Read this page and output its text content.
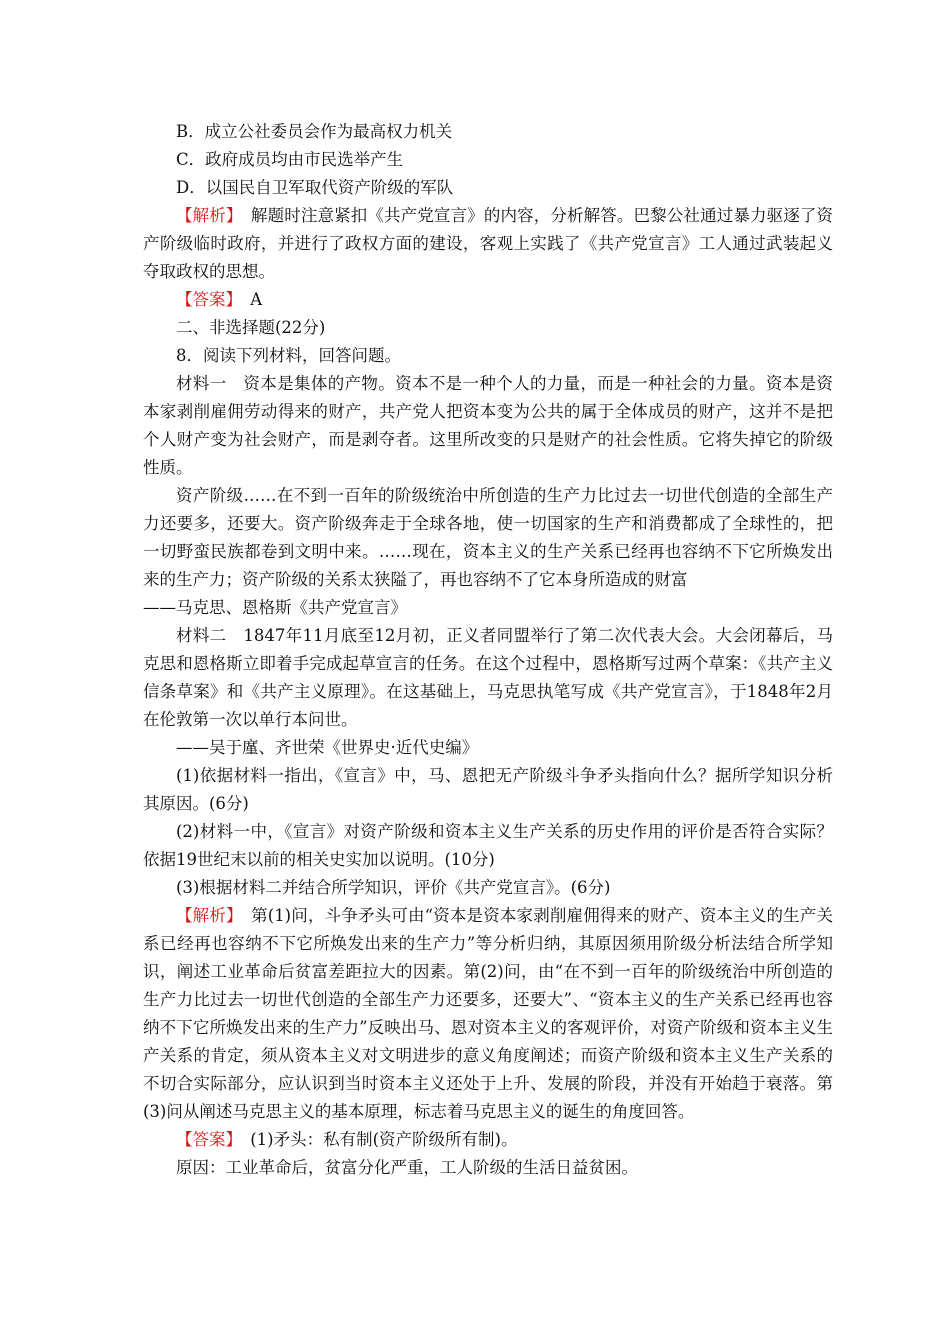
B．成立公社委员会作为最高权力机关

C．政府成员均由市民选举产生

D．以国民自卫军取代资产阶级的军队

【解析】　解题时注意紧扣《共产党宣言》的内容，分析解答。巴黎公社通过暴力驱逐了资产阶级临时政府，并进行了政权方面的建设，客观上实践了《共产党宣言》工人通过武装起义夺取政权的思想。

【答案】　A

二、非选择题(22分)

8．阅读下列材料，回答问题。

材料一　资本是集体的产物。资本不是一种个人的力量，而是一种社会的力量。资本是资本家剥削雇佣劳动得来的财产，共产党人把资本变为公共的属于全体成员的财产，这并不是把个人财产变为社会财产，而是剥夺者。这里所改变的只是财产的社会性质。它将失掉它的阶级性质。

资产阶级……在不到一百年的阶级统治中所创造的生产力比过去一切世代创造的全部生产力还要多，还要大。资产阶级奔走于全球各地，使一切国家的生产和消费都成了全球性的，把一切野蛮民族都卷到文明中来。……现在，资本主义的生产关系已经再也容纳不下它所焕发出来的生产力；资产阶级的关系太狭隘了，再也容纳不了它本身所造成的财富

——马克思、恩格斯《共产党宣言》

材料二　1847年11月底至12月初，正义者同盟举行了第二次代表大会。大会闭幕后，马克思和恩格斯立即着手完成起草宣言的任务。在这个过程中，恩格斯写过两个草案：《共产主义信条草案》和《共产主义原理》。在这基础上，马克思执笔写成《共产党宣言》，于1848年2月在伦敦第一次以单行本问世。

——吴于廑、齐世荣《世界史·近代史编》

(1)依据材料一指出，《宣言》中，马、恩把无产阶级斗争矛头指向什么？据所学知识分析其原因。(6分)

(2)材料一中，《宣言》对资产阶级和资本主义生产关系的历史作用的评价是否符合实际？依据19世纪末以前的相关史实加以说明。(10分)

(3)根据材料二并结合所学知识，评价《共产党宣言》。(6分)

【解析】　第(1)问，斗争矛头可由“资本是资本家剥削雇佣得来的财产、资本主义的生产关系已经再也容纳不下它所焕发出来的生产力”等分析归纳，其原因须用阶级分析法结合所学知识，阐述工业革命后贫富差距拉大的因素。第(2)问，由“在不到一百年的阶级统治中所创造的生产力比过去一切世代创造的全部生产力还要多，还要大”、“资本主义的生产关系已经再也容纳不下它所焕发出来的生产力”反映出马、恩对资本主义的客观评价，对资产阶级和资本主义生产关系的肯定，须从资本主义对文明进步的意义角度阐述；而资产阶级和资本主义生产关系的不切合实际部分，应认识到当时资本主义还处于上升、发展的阶段，并没有开始趋于衰落。第(3)问从阐述马克思主义的基本原理，标志着马克思主义的诞生的角度回答。

【答案】　(1)矛头：私有制(资产阶级所有制)。

原因：工业革命后，贫富分化严重，工人阶级的生活日益贫困。
